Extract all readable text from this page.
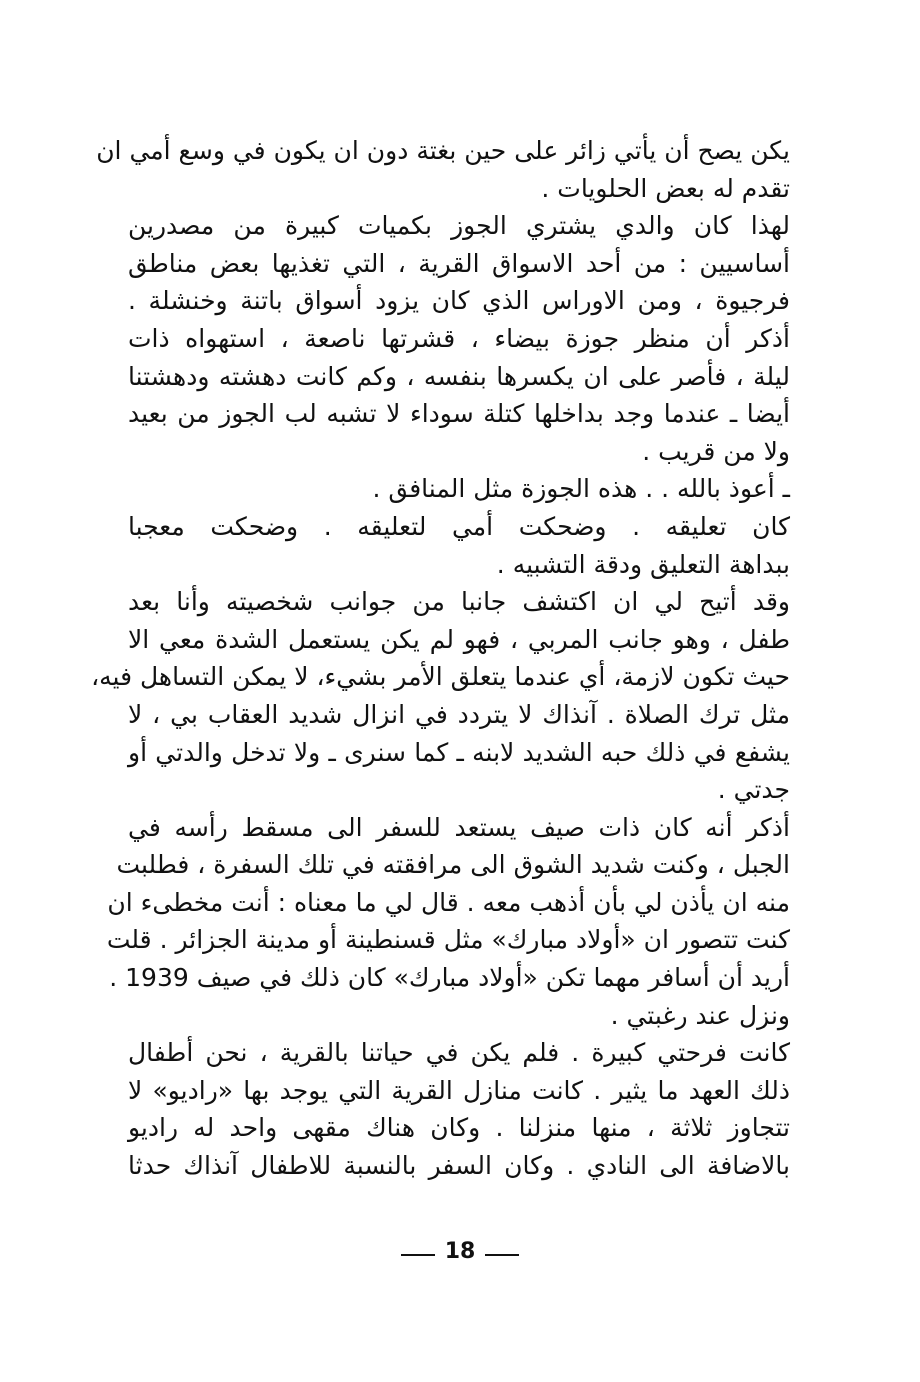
يكن يصح أن يأتي زائر على حين بغتة دون ان يكون في وسع أمي ان
تقدم له بعض الحلويات .
لهذا كان والدي يشتري الجوز بكميات كبيرة من مصدرين
أساسيين : من أحد الاسواق القرية ، التي تغذيها بعض مناطق
فرجيوة ، ومن الاوراس الذي كان يزود أسواق باتنة وخنشلة .
أذكر أن منظر جوزة بيضاء ، قشرتها ناصعة ، استهواه ذات
ليلة ، فأصر على ان يكسرها بنفسه ، وكم كانت دهشته ودهشتنا
أيضا ـ عندما وجد بداخلها كتلة سوداء لا تشبه لب الجوز من بعيد
ولا من قريب .
ـ أعوذ بالله . . هذه الجوزة مثل المنافق .
كان تعليقه . وضحكت أمي لتعليقه . وضحكت معجبا
ببداهة التعليق ودقة التشبيه .
وقد أتيح لي ان اكتشف جانبا من جوانب شخصيته وأنا بعد
طفل ، وهو جانب المربي ، فهو لم يكن يستعمل الشدة معي الا
حيث تكون لازمة، أي عندما يتعلق الأمر بشيء، لا يمكن التساهل فيه،
مثل ترك الصلاة . آنذاك لا يتردد في انزال شديد العقاب بي ، لا
يشفع في ذلك حبه الشديد لابنه ـ كما سنرى ـ ولا تدخل والدتي أو
جدتي .
أذكر أنه كان ذات صيف يستعد للسفر الى مسقط رأسه في
الجبل ، وكنت شديد الشوق الى مرافقته في تلك السفرة ، فطلبت
منه ان يأذن لي بأن أذهب معه . قال لي ما معناه : أنت مخطىء ان
كنت تتصور ان «أولاد مبارك» مثل قسنطينة أو مدينة الجزائر . قلت
أريد أن أسافر مهما تكن «أولاد مبارك» كان ذلك في صيف 1939 .
ونزل عند رغبتي .
كانت فرحتي كبيرة . فلم يكن في حياتنا بالقرية ، نحن أطفال
ذلك العهد ما يثير . كانت منازل القرية التي يوجد بها «راديو» لا
تتجاوز ثلاثة ، منها منزلنا . وكان هناك مقهى واحد له راديو
بالاضافة الى النادي . وكان السفر بالنسبة للاطفال آنذاك حدثا
18
